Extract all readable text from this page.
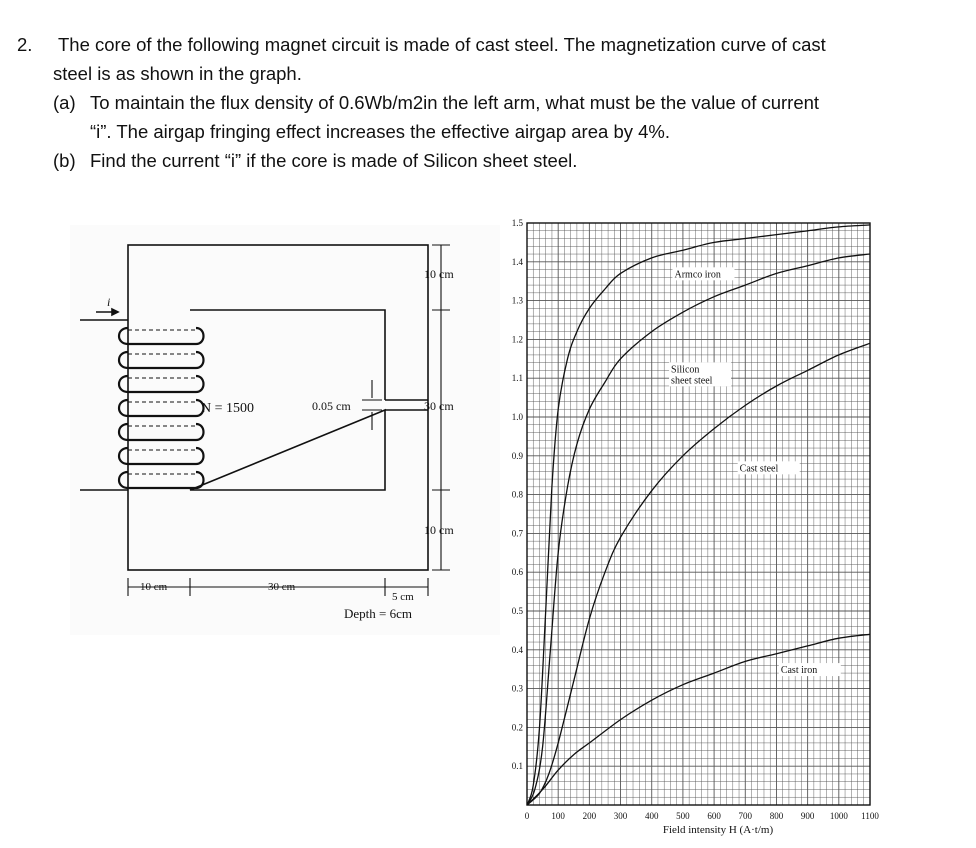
2. The core of the following magnet circuit is made of cast steel. The magnetization curve of cast
steel is as shown in the graph.
(a) To maintain the flux density of 0.6Wb/m2in the left arm, what must be the value of current
“i”. The airgap fringing effect increases the effective airgap area by 4%.
(b) Find the current “i” if the core is made of Silicon sheet steel.
i
N = 1500	0.05 cm
10 cm
30 cm
10 cm
10 cm	30 cm
5 cm
Depth = 6cm
0 100 200 300 400 500 600 700 800 900 1000 1100
0.1
0.2
0.3
0.4
0.5
0.6
0.7
0.8
0.9
1.0
1.1
1.2
1.3
1.4
1.5
Armco iron
Silicon
sheet steel
Cast steel
Cast iron
Field intensity H (A·t/m)
